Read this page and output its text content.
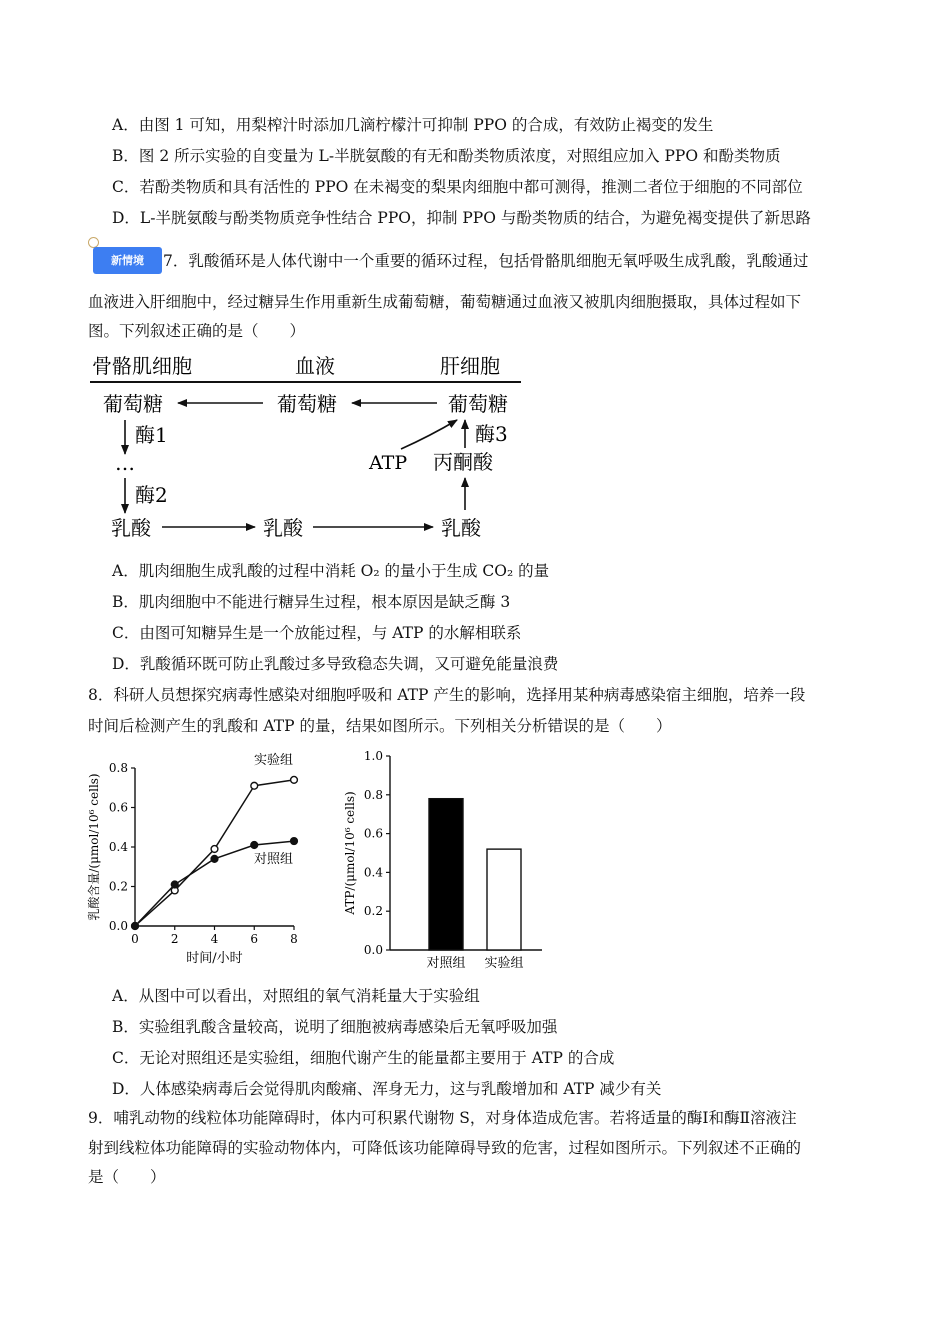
A．由图 1 可知，用梨榨汁时添加几滴柠檬汁可抑制 PPO 的合成，有效防止褐变的发生
B．图 2 所示实验的自变量为 L-半胱氨酸的有无和酚类物质浓度，对照组应加入 PPO 和酚类物质
C．若酚类物质和具有活性的 PPO 在未褐变的梨果肉细胞中都可测得，推测二者位于细胞的不同部位
D．L-半胱氨酸与酚类物质竞争性结合 PPO，抑制 PPO 与酚类物质的结合，为避免褐变提供了新思路
新情境	7．乳酸循环是人体代谢中一个重要的循环过程，包括骨骼肌细胞无氧呼吸生成乳酸，乳酸通过
血液进入肝细胞中，经过糖异生作用重新生成葡萄糖，葡萄糖通过血液又被肌肉细胞摄取，具体过程如下
图。下列叙述正确的是（　　）
骨骼肌细胞	血液	肝细胞
葡萄糖	葡萄糖	葡萄糖
酶1
…
酶2
乳酸	乳酸	乳酸
丙酮酸
ATP
酶3
A．肌肉细胞生成乳酸的过程中消耗 O₂ 的量小于生成 CO₂ 的量
B．肌肉细胞中不能进行糖异生过程，根本原因是缺乏酶 3
C．由图可知糖异生是一个放能过程，与 ATP 的水解相联系
D．乳酸循环既可防止乳酸过多导致稳态失调，又可避免能量浪费
8．科研人员想探究病毒性感染对细胞呼吸和 ATP 产生的影响，选择用某种病毒感染宿主细胞，培养一段
时间后检测产生的乳酸和 ATP 的量，结果如图所示。下列相关分析错误的是（　　）
0.0
0.2
0.4
0.6
0.8
0	2	4	6	8
时间/小时
乳酸含量/(μmol/10⁶ cells)
实验组
对照组
0.0
0.2
0.4
0.6
0.8
1.0
ATP/(μmol/10⁶ cells)
对照组 实验组
A．从图中可以看出，对照组的氧气消耗量大于实验组
B．实验组乳酸含量较高，说明了细胞被病毒感染后无氧呼吸加强
C．无论对照组还是实验组，细胞代谢产生的能量都主要用于 ATP 的合成
D．人体感染病毒后会觉得肌肉酸痛、浑身无力，这与乳酸增加和 ATP 减少有关
9．哺乳动物的线粒体功能障碍时，体内可积累代谢物 S，对身体造成危害。若将适量的酶Ⅰ和酶Ⅱ溶液注
射到线粒体功能障碍的实验动物体内，可降低该功能障碍导致的危害，过程如图所示。下列叙述不正确的
是（　　）
